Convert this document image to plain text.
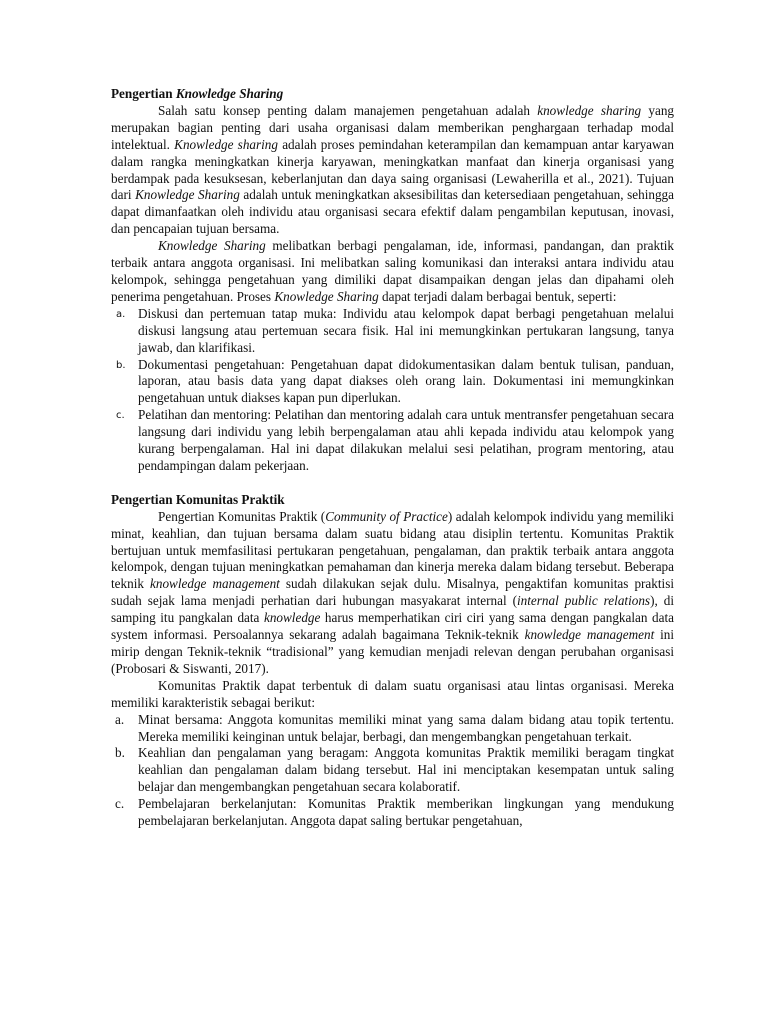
Pengertian Knowledge Sharing

Salah satu konsep penting dalam manajemen pengetahuan adalah knowledge sharing yang merupakan bagian penting dari usaha organisasi dalam memberikan penghargaan terhadap modal intelektual. Knowledge sharing adalah proses pemindahan keterampilan dan kemampuan antar karyawan dalam rangka meningkatkan kinerja karyawan, meningkatkan manfaat dan kinerja organisasi yang berdampak pada kesuksesan, keberlanjutan dan daya saing organisasi (Lewaherilla et al., 2021). Tujuan dari Knowledge Sharing adalah untuk meningkatkan aksesibilitas dan ketersediaan pengetahuan, sehingga dapat dimanfaatkan oleh individu atau organisasi secara efektif dalam pengambilan keputusan, inovasi, dan pencapaian tujuan bersama.

Knowledge Sharing melibatkan berbagi pengalaman, ide, informasi, pandangan, dan praktik terbaik antara anggota organisasi. Ini melibatkan saling komunikasi dan interaksi antara individu atau kelompok, sehingga pengetahuan yang dimiliki dapat disampaikan dengan jelas dan dipahami oleh penerima pengetahuan. Proses Knowledge Sharing dapat terjadi dalam berbagai bentuk, seperti:

a. Diskusi dan pertemuan tatap muka: Individu atau kelompok dapat berbagi pengetahuan melalui diskusi langsung atau pertemuan secara fisik. Hal ini memungkinkan pertukaran langsung, tanya jawab, dan klarifikasi.
b. Dokumentasi pengetahuan: Pengetahuan dapat didokumentasikan dalam bentuk tulisan, panduan, laporan, atau basis data yang dapat diakses oleh orang lain. Dokumentasi ini memungkinkan pengetahuan untuk diakses kapan pun diperlukan.
c. Pelatihan dan mentoring: Pelatihan dan mentoring adalah cara untuk mentransfer pengetahuan secara langsung dari individu yang lebih berpengalaman atau ahli kepada individu atau kelompok yang kurang berpengalaman. Hal ini dapat dilakukan melalui sesi pelatihan, program mentoring, atau pendampingan dalam pekerjaan.
Pengertian Komunitas Praktik

Pengertian Komunitas Praktik (Community of Practice) adalah kelompok individu yang memiliki minat, keahlian, dan tujuan bersama dalam suatu bidang atau disiplin tertentu. Komunitas Praktik bertujuan untuk memfasilitasi pertukaran pengetahuan, pengalaman, dan praktik terbaik antara anggota kelompok, dengan tujuan meningkatkan pemahaman dan kinerja mereka dalam bidang tersebut. Beberapa teknik knowledge management sudah dilakukan sejak dulu. Misalnya, pengaktifan komunitas praktisi sudah sejak lama menjadi perhatian dari hubungan masyakarat internal (internal public relations), di samping itu pangkalan data knowledge harus memperhatikan ciri ciri yang sama dengan pangkalan data system informasi. Persoalannya sekarang adalah bagaimana Teknik-teknik knowledge management ini mirip dengan Teknik-teknik “tradisional” yang kemudian menjadi relevan dengan perubahan organisasi (Probosari & Siswanti, 2017).

Komunitas Praktik dapat terbentuk di dalam suatu organisasi atau lintas organisasi. Mereka memiliki karakteristik sebagai berikut:

a. Minat bersama: Anggota komunitas memiliki minat yang sama dalam bidang atau topik tertentu. Mereka memiliki keinginan untuk belajar, berbagi, dan mengembangkan pengetahuan terkait.
b. Keahlian dan pengalaman yang beragam: Anggota komunitas Praktik memiliki beragam tingkat keahlian dan pengalaman dalam bidang tersebut. Hal ini menciptakan kesempatan untuk saling belajar dan mengembangkan pengetahuan secara kolaboratif.
c. Pembelajaran berkelanjutan: Komunitas Praktik memberikan lingkungan yang mendukung pembelajaran berkelanjutan. Anggota dapat saling bertukar pengetahuan,
